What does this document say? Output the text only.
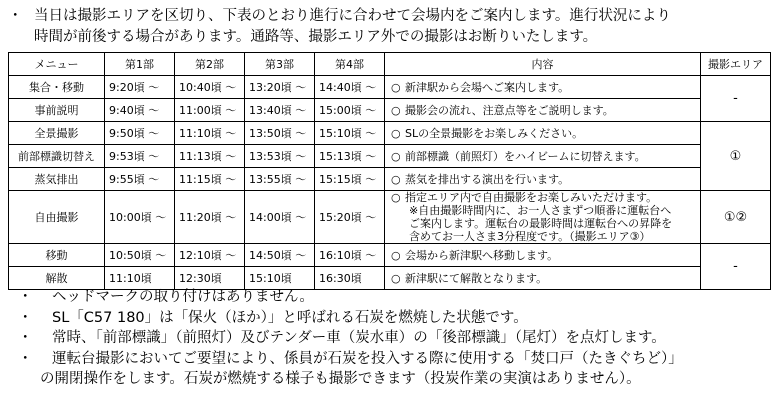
・ 当日は撮影エリアを区切り、下表のとおり進行に合わせて会場内をご案内します。進行状況により
時間が前後する場合があります。通路等、撮影エリア外での撮影はお断りいたします。
メニュー	第1部	第2部	第3部	第4部	内容	撮影エリア
集合・移動	9:20頃 ～	10:40頃 ～	13:20頃 ～	14:40頃 ～	○ 新津駅から会場へご案内します。	-
事前説明	9:40頃 ～	11:00頃 ～	13:40頃 ～	15:00頃 ～	○ 撮影会の流れ、注意点等をご説明します。	
全景撮影	9:50頃 ～	11:10頃 ～	13:50頃 ～	15:10頃 ～	○ SLの全景撮影をお楽しみください。	①
前部標識切替え	9:53頃 ～	11:13頃 ～	13:53頃 ～	15:13頃 ～	○ 前部標識（前照灯）をハイビームに切替えます。	
蒸気排出	9:55頃 ～	11:15頃 ～	13:55頃 ～	15:15頃 ～	○ 蒸気を排出する演出を行います。	
自由撮影	10:00頃 ～	11:20頃 ～	14:00頃 ～	15:20頃 ～	○ 指定エリア内で自由撮影をお楽しみいただけます。
※自由撮影時間内に、お一人さまずつ順番に運転台へ
ご案内します。運転台の最影時間は運転台への昇降を
含めてお一人さま3分程度です。（撮影エリア③）	①②
移動	10:50頃 ～	12:10頃 ～	14:50頃 ～	16:10頃 ～	○ 会場から新津駅へ移動します。	-
解散	11:10頃	12:30頃	15:10頃	16:30頃	○ 新津駅にて解散となります。	
・ ヘッドマークの取り付けはありません。
・ SL「C57 180」は「保火（ほか）」と呼ばれる石炭を燃焼した状態です。
・ 常時、「前部標識」（前照灯）及びテンダー車（炭水車）の「後部標識」（尾灯）を点灯します。
・ 運転台撮影においてご要望により、係員が石炭を投入する際に使用する「焚口戸（たきぐちど）」
の開閉操作をします。石炭が燃焼する様子も撮影できます（投炭作業の実演はありません）。
